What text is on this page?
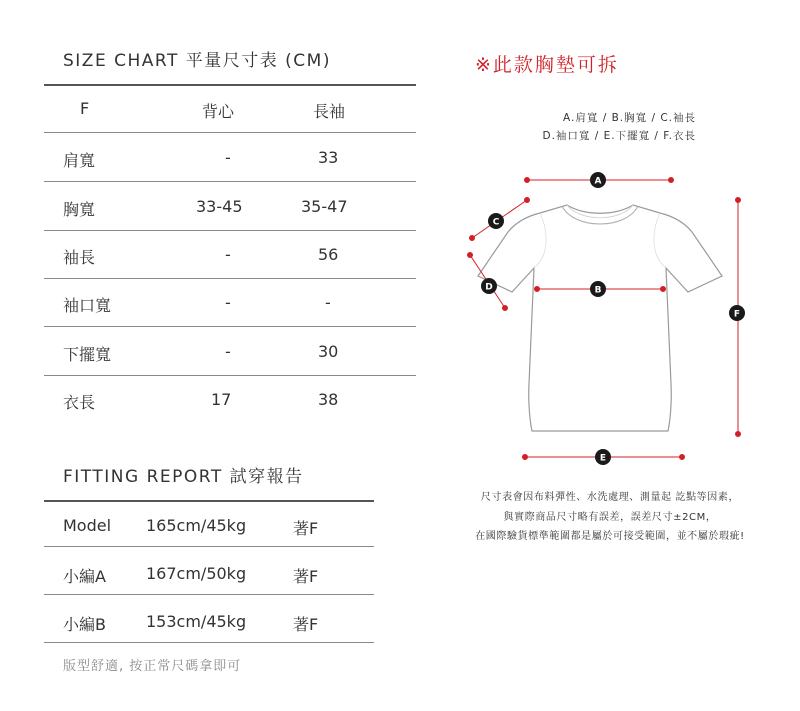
SIZE CHART 平量尺寸表 (CM)
F	背心	長袖
肩寬	-	33
胸寬	33-45	35-47
袖長	-	56
袖口寬	-	-
下擺寬	-	30
衣長	17	38
※此款胸墊可拆
A.肩寬 / B.胸寬 / C.袖長
D.袖口寬 / E.下擺寬 / F.衣長
A
C
D	B
F
E
尺寸表會因布料彈性、水洗處理、測量起 訖點等因素，
與實際商品尺寸略有誤差，誤差尺寸±2CM，
在國際驗貨標準範圍都是屬於可接受範圍，並不屬於瑕疵!
FITTING REPORT 試穿報告
Model 165cm/45kg	著F
小編A	167cm/50kg	著F
小編B	153cm/45kg	著F
版型舒適, 按正常尺碼拿即可
